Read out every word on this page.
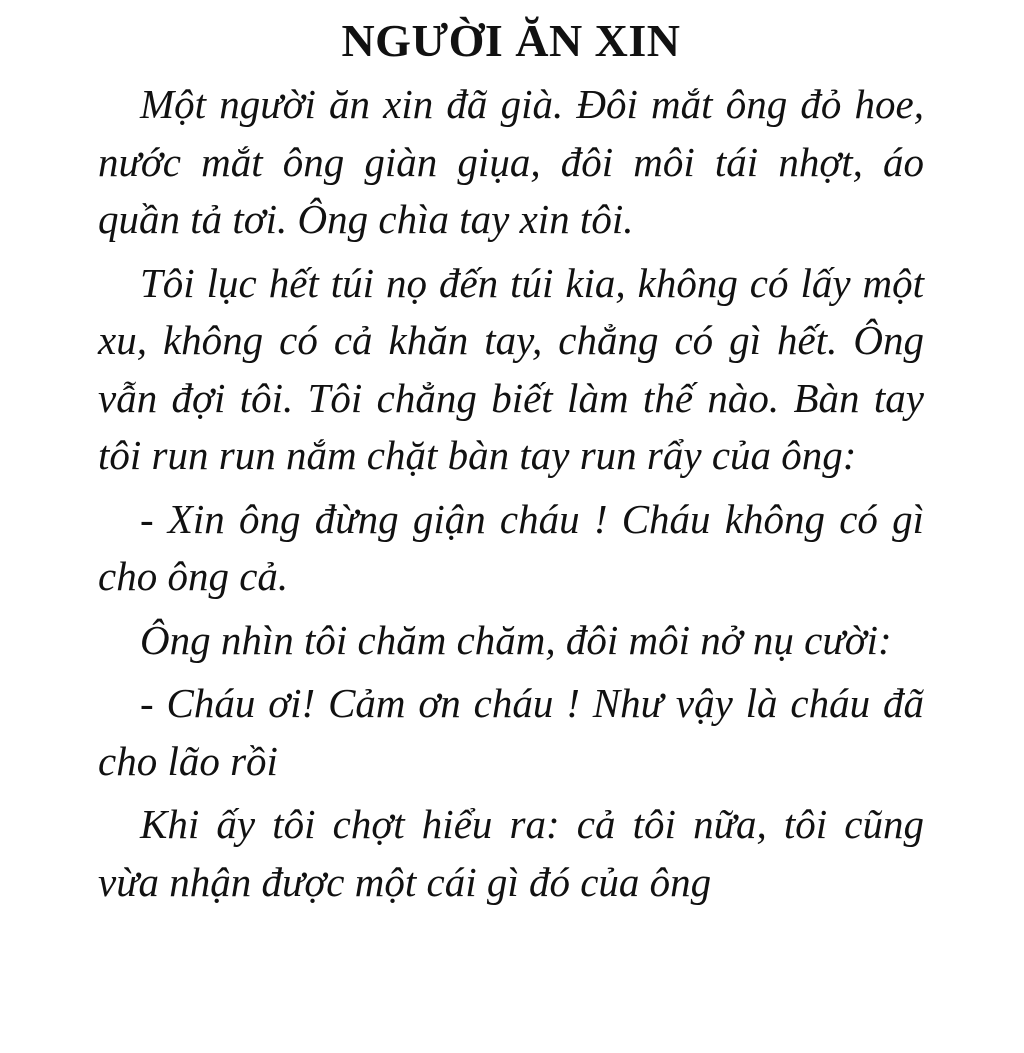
NGƯỜI ĂN XIN

Một người ăn xin đã già. Đôi mắt ông đỏ hoe, nước mắt ông giàn giụa, đôi môi tái nhợt, áo quần tả tơi. Ông chìa tay xin tôi.

Tôi lục hết túi nọ đến túi kia, không có lấy một xu, không có cả khăn tay, chẳng có gì hết. Ông vẫn đợi tôi. Tôi chẳng biết làm thế nào. Bàn tay tôi run run nắm chặt bàn tay run rẩy của ông:

- Xin ông đừng giận cháu ! Cháu không có gì cho ông cả.

Ông nhìn tôi chăm chăm, đôi môi nở nụ cười:

- Cháu ơi! Cảm ơn cháu ! Như vậy là cháu đã cho lão rồi

Khi ấy tôi chợt hiểu ra: cả tôi nữa, tôi cũng vừa nhận được một cái gì đó của ông
